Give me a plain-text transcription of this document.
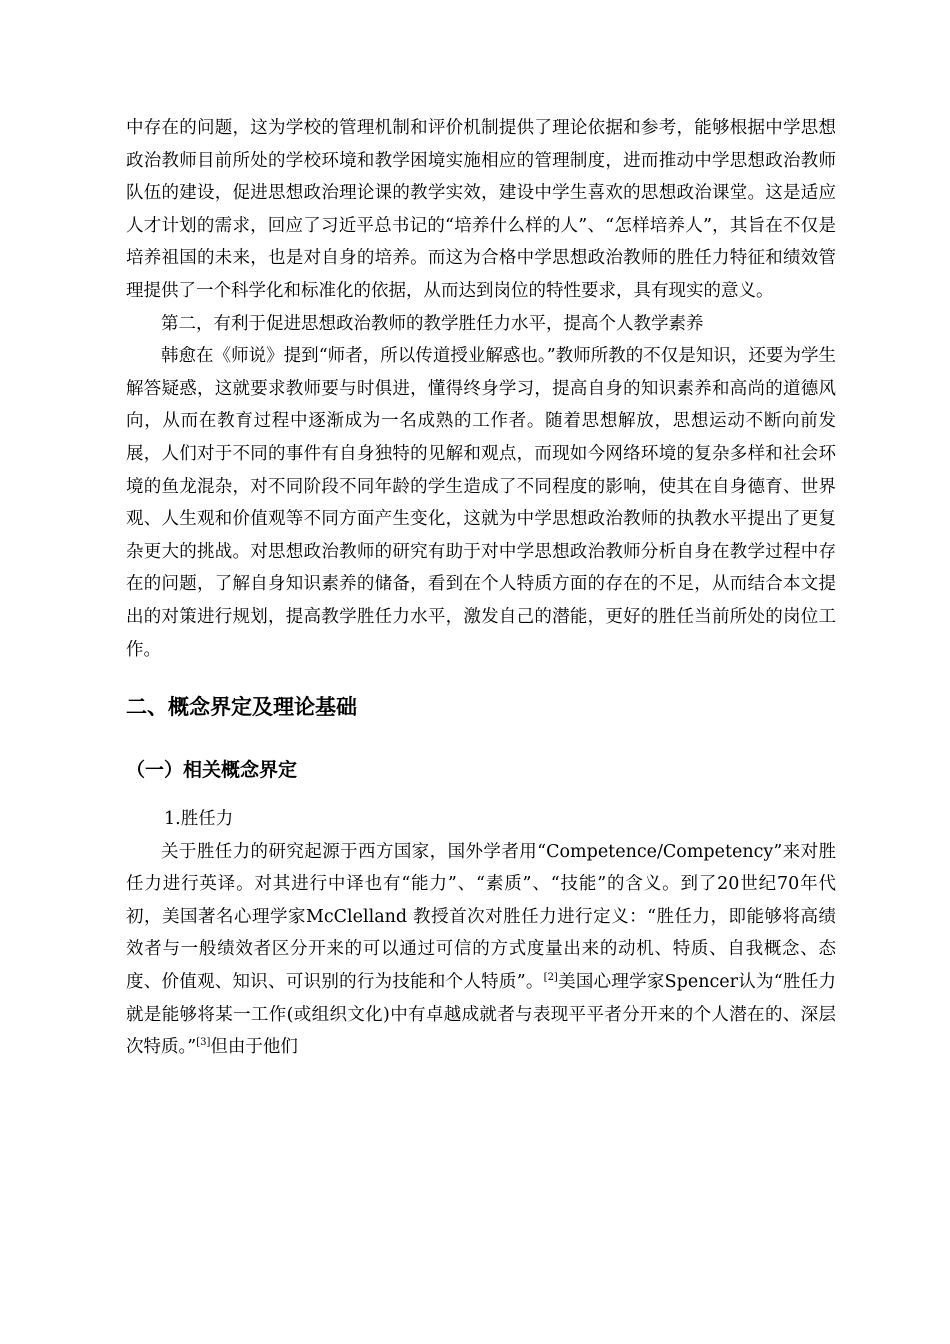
中存在的问题，这为学校的管理机制和评价机制提供了理论依据和参考，能够根据中学思想政治教师目前所处的学校环境和教学困境实施相应的管理制度，进而推动中学思想政治教师队伍的建设，促进思想政治理论课的教学实效，建设中学生喜欢的思想政治课堂。这是适应人才计划的需求，回应了习近平总书记的“培养什么样的人”、“怎样培养人”，其旨在不仅是培养祖国的未来，也是对自身的培养。而这为合格中学思想政治教师的胜任力特征和绩效管理提供了一个科学化和标准化的依据，从而达到岗位的特性要求，具有现实的意义。

第二，有利于促进思想政治教师的教学胜任力水平，提高个人教学素养

韩愈在《师说》提到“师者，所以传道授业解惑也。”教师所教的不仅是知识，还要为学生解答疑惑，这就要求教师要与时俱进，懂得终身学习，提高自身的知识素养和高尚的道德风向，从而在教育过程中逐渐成为一名成熟的工作者。随着思想解放，思想运动不断向前发展，人们对于不同的事件有自身独特的见解和观点，而现如今网络环境的复杂多样和社会环境的鱼龙混杂，对不同阶段不同年龄的学生造成了不同程度的影响，使其在自身德育、世界观、人生观和价值观等不同方面产生变化，这就为中学思想政治教师的执教水平提出了更复杂更大的挑战。对思想政治教师的研究有助于对中学思想政治教师分析自身在教学过程中存在的问题，了解自身知识素养的储备，看到在个人特质方面的存在的不足，从而结合本文提出的对策进行规划，提高教学胜任力水平，激发自己的潜能，更好的胜任当前所处的岗位工作。

二、概念界定及理论基础
（一）相关概念界定

1.胜任力

关于胜任力的研究起源于西方国家，国外学者用“Competence/Competency”来对胜任力进行英译。对其进行中译也有“能力”、“素质”、“技能”的含义。到了20世纪70年代初，美国著名心理学家McClelland 教授首次对胜任力进行定义：“胜任力，即能够将高绩效者与一般绩效者区分开来的可以通过可信的方式度量出来的动机、特质、自我概念、态度、价值观、知识、可识别的行为技能和个人特质”。[2]美国心理学家Spencer认为“胜任力就是能够将某一工作(或组织文化)中有卓越成就者与表现平平者分开来的个人潜在的、深层次特质。”[3]但由于他们
